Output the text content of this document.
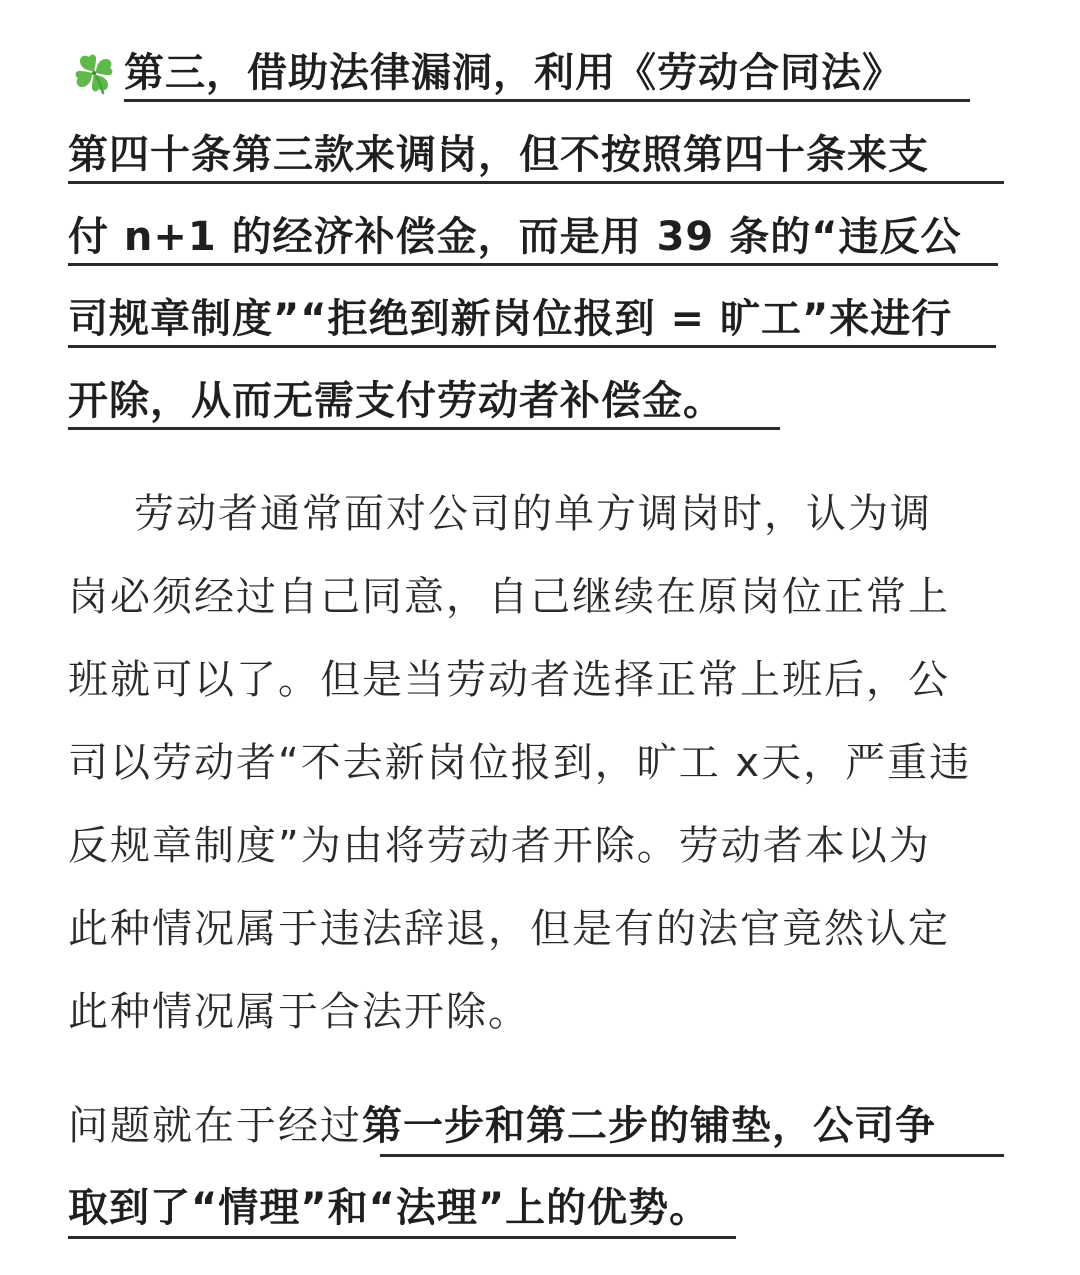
第三，借助法律漏洞，利用《劳动合同法》
第四十条第三款来调岗，但不按照第四十条来支
付 n+1 的经济补偿金，而是用 39 条的“违反公
司规章制度”“拒绝到新岗位报到 = 旷工”来进行
开除，从而无需支付劳动者补偿金。
劳动者通常面对公司的单方调岗时，认为调
岗必须经过自己同意，自己继续在原岗位正常上
班就可以了。但是当劳动者选择正常上班后，公
司以劳动者“不去新岗位报到，旷工 x天，严重违
反规章制度”为由将劳动者开除。劳动者本以为
此种情况属于违法辞退，但是有的法官竟然认定
此种情况属于合法开除。
问题就在于经过第一步和第二步的铺垫，公司争
取到了“情理”和“法理”上的优势。
